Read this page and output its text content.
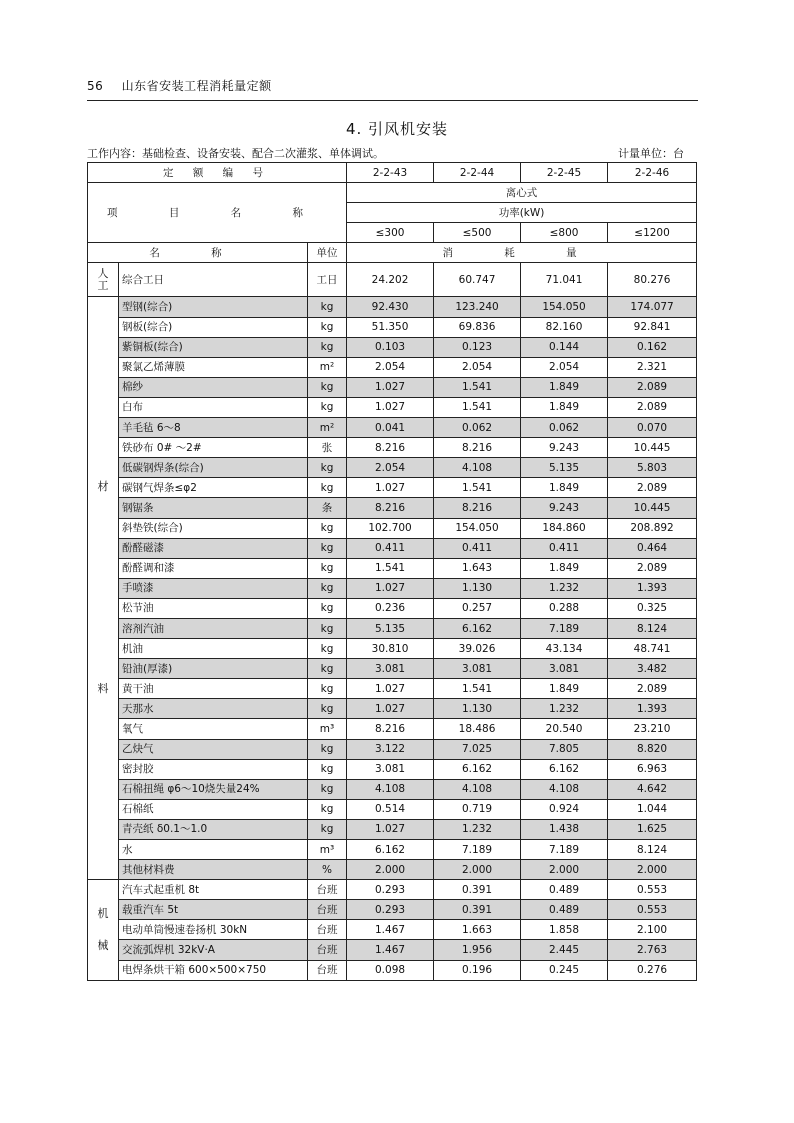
56 山东省安装工程消耗量定额
4. 引风机安装
工作内容：基础检查、设备安装、配合二次灌浆、单体调试。	计量单位：台
定 额 编 号			2-2-43	2-2-44	2-2-45	2-2-46
项 目 名 称			离心式			
			功率(kW)			
			≤300	≤500	≤800	≤1200
名 称		单位	消 耗 量			

人
工	综合工日	工日	24.202	60.747	71.041	80.276

材
料	型钢(综合)	kg	92.430	123.240	154.050	174.077
	钢板(综合)	kg	51.350	69.836	82.160	92.841
	紫铜板(综合)	kg	0.103	0.123	0.144	0.162
	聚氯乙烯薄膜	m²	2.054	2.054	2.054	2.321
	棉纱	kg	1.027	1.541	1.849	2.089
	白布	kg	1.027	1.541	1.849	2.089
	羊毛毡 6～8	m²	0.041	0.062	0.062	0.070
	铁砂布 0# ～2#	张	8.216	8.216	9.243	10.445
	低碳钢焊条(综合)	kg	2.054	4.108	5.135	5.803
	碳钢气焊条≤φ2	kg	1.027	1.541	1.849	2.089
	钢锯条	条	8.216	8.216	9.243	10.445
	斜垫铁(综合)	kg	102.700	154.050	184.860	208.892
	酚醛磁漆	kg	0.411	0.411	0.411	0.464
	酚醛调和漆	kg	1.541	1.643	1.849	2.089
	手喷漆	kg	1.027	1.130	1.232	1.393
	松节油	kg	0.236	0.257	0.288	0.325
	溶剂汽油	kg	5.135	6.162	7.189	8.124
	机油	kg	30.810	39.026	43.134	48.741
	铅油(厚漆)	kg	3.081	3.081	3.081	3.482
	黄干油	kg	1.027	1.541	1.849	2.089
	天那水	kg	1.027	1.130	1.232	1.393
	氧气	m³	8.216	18.486	20.540	23.210
	乙炔气	kg	3.122	7.025	7.805	8.820
	密封胶	kg	3.081	6.162	6.162	6.963
	石棉扭绳 φ6～10烧失量24%	kg	4.108	4.108	4.108	4.642
	石棉纸	kg	0.514	0.719	0.924	1.044
	青壳纸 δ0.1～1.0	kg	1.027	1.232	1.438	1.625
	水	m³	6.162	7.189	7.189	8.124
	其他材料费	%	2.000	2.000	2.000	2.000

机
械	汽车式起重机 8t	台班	0.293	0.391	0.489	0.553
	载重汽车 5t	台班	0.293	0.391	0.489	0.553
	电动单筒慢速卷扬机 30kN	台班	1.467	1.663	1.858	2.100
	交流弧焊机 32kV·A	台班	1.467	1.956	2.445	2.763
	电焊条烘干箱 600×500×750	台班	0.098	0.196	0.245	0.276
